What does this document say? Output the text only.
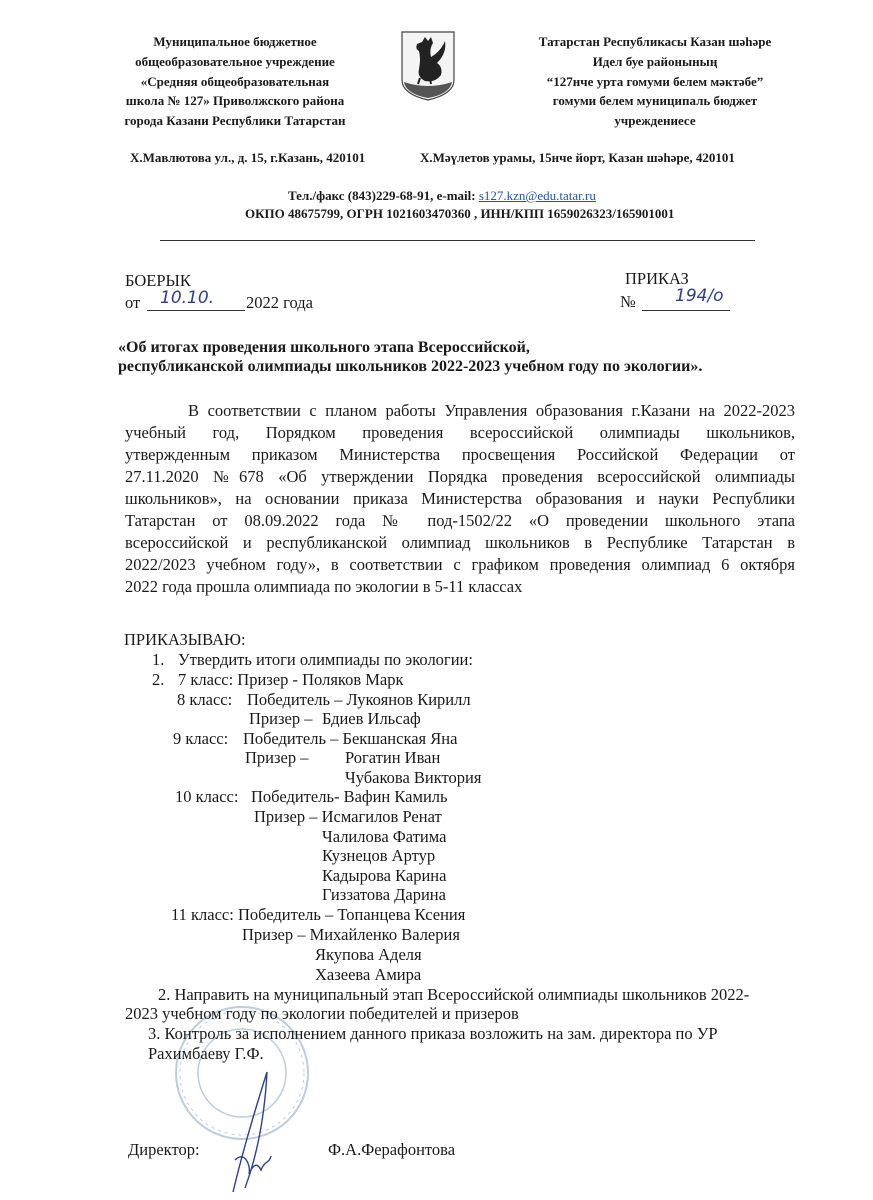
Муниципальное бюджетное
общеобразовательное учреждение
«Средняя общеобразовательная
школа № 127» Приволжского района
города Казани Республики Татарстан
Татарстан Республикасы Казан шәһәре
Идел буе районының
“127нче урта гомуми белем мәктәбе”
гомуми белем муниципаль бюджет
учреждениесе
Х.Мавлютова ул., д. 15, г.Казань, 420101	Х.Мәүлетов урамы, 15нче йорт, Казан шәһәре, 420101
Тел./факс (843)229-68-91, e-mail: s127.kzn@edu.tatar.ru
ОКПО 48675799, ОГРН 1021603470360 , ИНН/КПП 1659026323/165901001
БОЕРЫК
от 10.10. 2022 года
ПРИКАЗ
№ 194/о
«Об итогах проведения школьного этапа Всероссийской,
республиканской олимпиады школьников 2022-2023 учебном году по экологии».
В соответствии с планом работы Управления образования г.Казани на 2022-2023
учебный год, Порядком проведения всероссийской олимпиады школьников,
утвержденным приказом Министерства просвещения Российской Федерации от
27.11.2020 №678 «Об утверждении Порядка проведения всероссийской олимпиады
школьников», на основании приказа Министерства образования и науки Республики
Татарстан от 08.09.2022 года № под-1502/22 «О проведении школьного этапа
всероссийской и республиканской олимпиад школьников в Республике Татарстан в
2022/2023 учебном году», в соответствии с графиком проведения олимпиад 6 октября
2022 года прошла олимпиада по экологии в 5-11 классах
ПРИКАЗЫВАЮ:
1. Утвердить итоги олимпиады по экологии:
2. 7 класс: Призер - Поляков Марк
8 класс: Победитель – Лукоянов Кирилл
Призер – Бдиев Ильсаф
9 класс: Победитель – Бекшанская Яна
Призер – Рогатин Иван
Чубакова Виктория
10 класс: Победитель- Вафин Камиль
Призер – Исмагилов Ренат
Чалилова Фатима
Кузнецов Артур
Кадырова Карина
Гиззатова Дарина
11 класс: Победитель – Топанцева Ксения
Призер – Михайленко Валерия
Якупова Аделя
Хазеева Амира
2. Направить на муниципальный этап Всероссийской олимпиады школьников 2022-
2023 учебном году по экологии победителей и призеров
3. Контроль за исполнением данного приказа возложить на зам. директора по УР
Рахимбаеву Г.Ф.
Директор:	Ф.А.Ферафонтова
